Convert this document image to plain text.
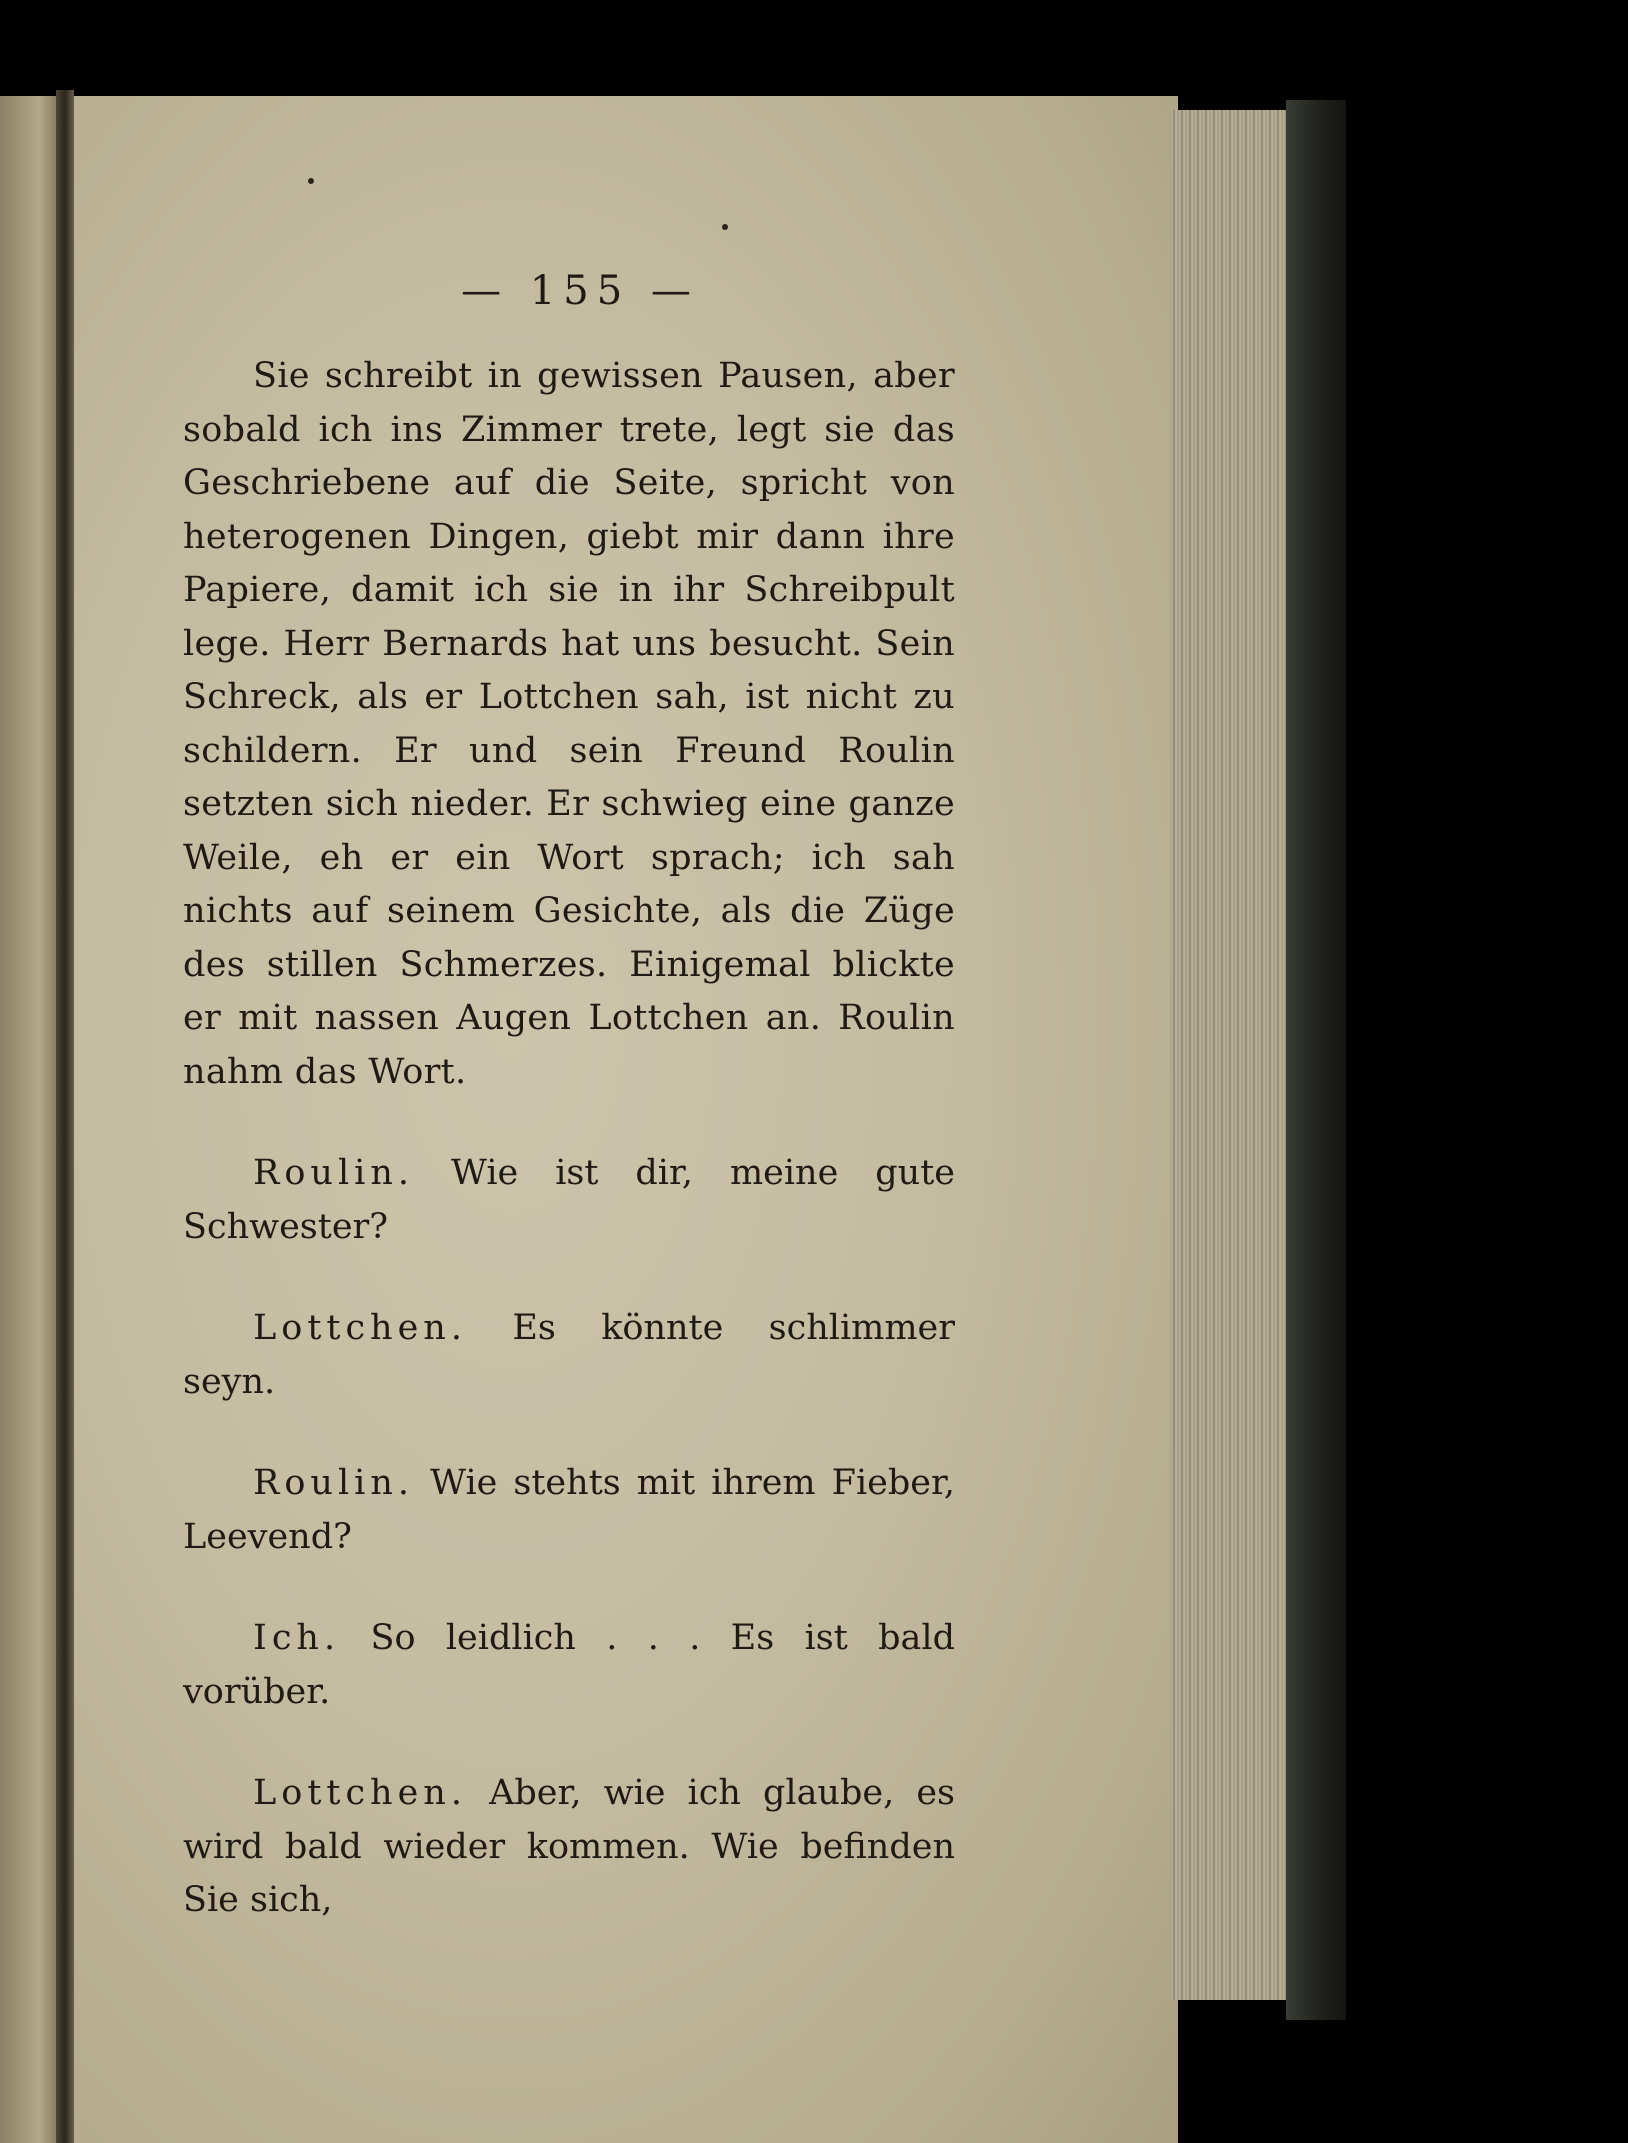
— 155 —

Sie schreibt in gewissen Pausen, aber sobald ich ins Zimmer trete, legt sie das Geschriebene auf die Seite, spricht von heterogenen Dingen, giebt mir dann ihre Papiere, damit ich sie in ihr Schreibpult lege. Herr Bernards hat uns besucht. Sein Schreck, als er Lottchen sah, ist nicht zu schildern. Er und sein Freund Roulin setzten sich nieder. Er schwieg eine ganze Weile, eh er ein Wort sprach; ich sah nichts auf seinem Gesichte, als die Züge des stillen Schmerzes. Einigemal blickte er mit nassen Augen Lottchen an. Roulin nahm das Wort.

Roulin. Wie ist dir, meine gute Schwester?

Lottchen. Es könnte schlimmer seyn.

Roulin. Wie stehts mit ihrem Fieber, Leevend?

Ich. So leidlich . . . Es ist bald vorüber.

Lottchen. Aber, wie ich glaube, es wird bald wieder kommen. Wie befinden Sie sich,
